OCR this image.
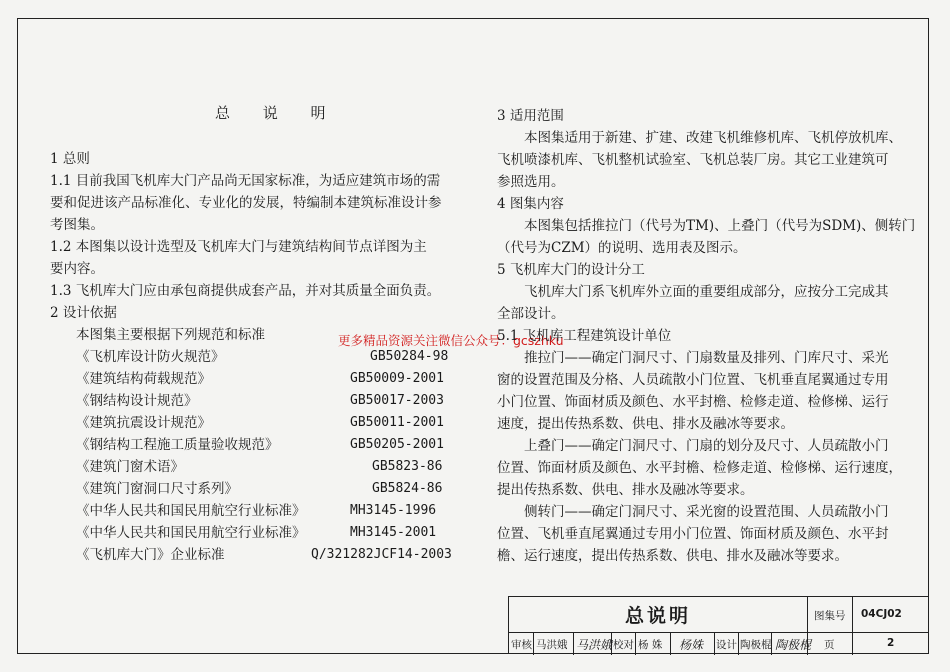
总 说 明
1 总则
1.1 目前我国飞机库大门产品尚无国家标准，为适应建筑市场的需
要和促进该产品标准化、专业化的发展，特编制本建筑标准设计参
考图集。
1.2 本图集以设计选型及飞机库大门与建筑结构间节点详图为主
要内容。
1.3 飞机库大门应由承包商提供成套产品，并对其质量全面负责。
2 设计依据
本图集主要根据下列规范和标准
《飞机库设计防火规范》	GB50284-98
《建筑结构荷载规范》	GB50009-2001
《钢结构设计规范》	GB50017-2003
《建筑抗震设计规范》	GB50011-2001
《钢结构工程施工质量验收规范》	GB50205-2001
《建筑门窗术语》	GB5823-86
《建筑门窗洞口尺寸系列》	GB5824-86
《中华人民共和国民用航空行业标准》	MH3145-1996
《中华人民共和国民用航空行业标准》	MH3145-2001
《飞机库大门》企业标准	Q/321282JCF14-2003
更多精品资源关注微信公众号：gcszhku
3 适用范围
本图集适用于新建、扩建、改建飞机维修机库、飞机停放机库、
飞机喷漆机库、飞机整机试验室、飞机总装厂房。其它工业建筑可
参照选用。
4 图集内容
本图集包括推拉门（代号为TM)、上叠门（代号为SDM)、侧转门
（代号为CZM）的说明、选用表及图示。
5 飞机库大门的设计分工
飞机库大门系飞机库外立面的重要组成部分，应按分工完成其
全部设计。
5.1 飞机库工程建筑设计单位
推拉门——确定门洞尺寸、门扇数量及排列、门库尺寸、采光
窗的设置范围及分格、人员疏散小门位置、飞机垂直尾翼通过专用
小门位置、饰面材质及颜色、水平封檐、检修走道、检修梯、运行
速度，提出传热系数、供电、排水及融冰等要求。
上叠门——确定门洞尺寸、门扇的划分及尺寸、人员疏散小门
位置、饰面材质及颜色、水平封檐、检修走道、检修梯、运行速度，
提出传热系数、供电、排水及融冰等要求。
侧转门——确定门洞尺寸、采光窗的设置范围、人员疏散小门
位置、飞机垂直尾翼通过专用小门位置、饰面材质及颜色、水平封
檐、运行速度，提出传热系数、供电、排水及融冰等要求。
总说明	图集号 04CJ02
审核 马洪娥 马洪娥 校对 杨 姝 杨姝 设计 陶极棍 陶极棍 页	2
